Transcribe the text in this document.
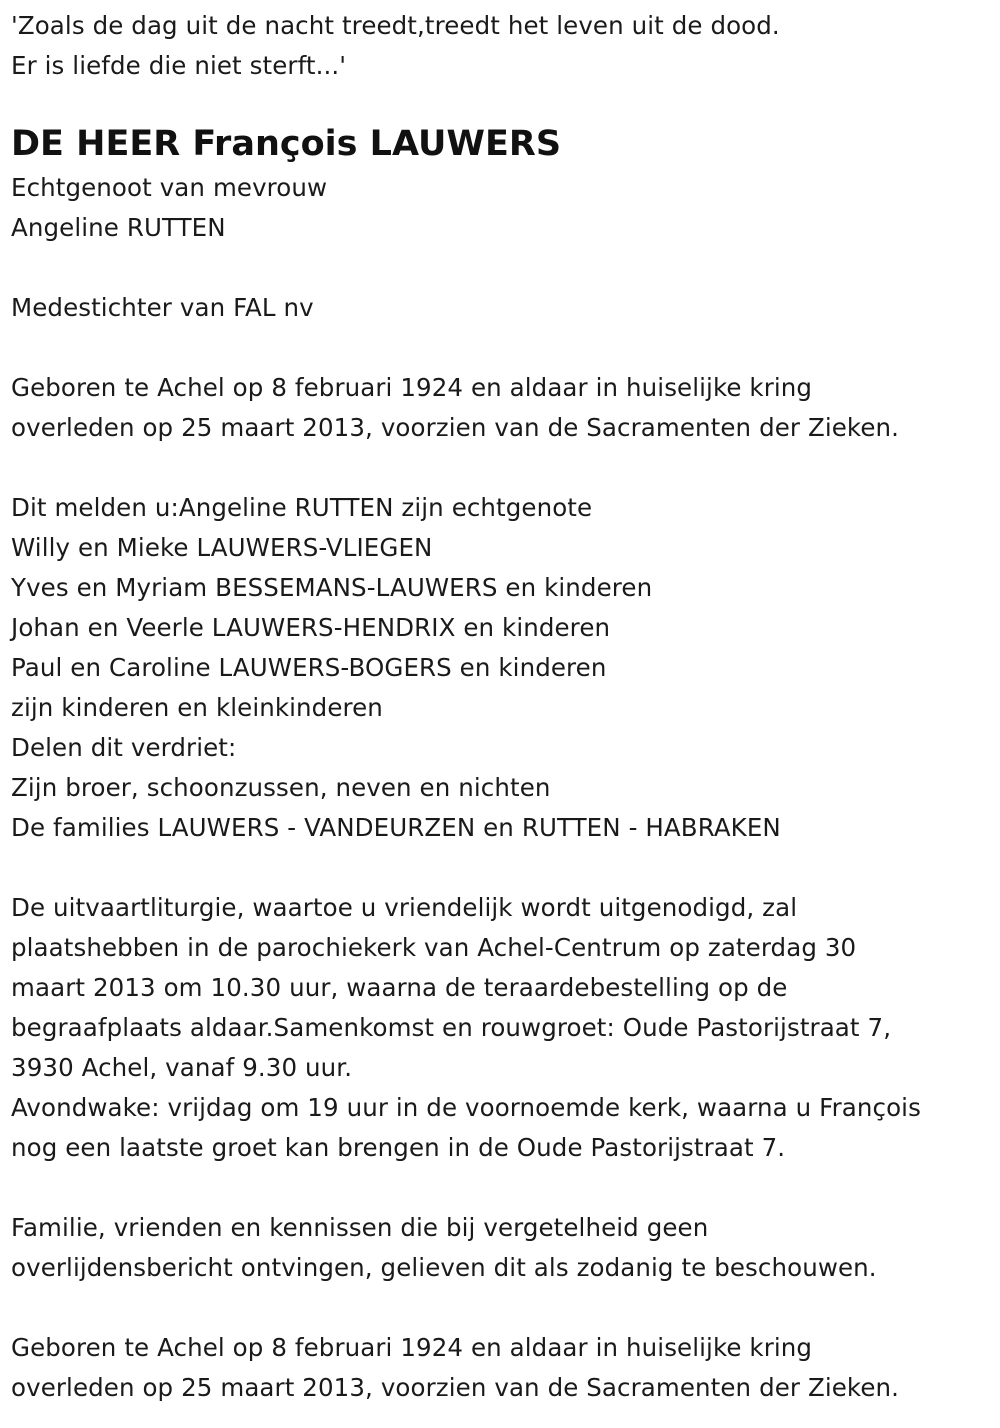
'Zoals de dag uit de nacht treedt,treedt het leven uit de dood.
Er is liefde die niet sterft...'
DE HEER François LAUWERS
Echtgenoot van mevrouw
Angeline RUTTEN
Medestichter van FAL nv
Geboren te Achel op 8 februari 1924 en aldaar in huiselijke kring
overleden op 25 maart 2013, voorzien van de Sacramenten der Zieken.
Dit melden u:Angeline RUTTEN zijn echtgenote
Willy en Mieke LAUWERS-VLIEGEN
Yves en Myriam BESSEMANS-LAUWERS en kinderen
Johan en Veerle LAUWERS-HENDRIX en kinderen
Paul en Caroline LAUWERS-BOGERS en kinderen
zijn kinderen en kleinkinderen
Delen dit verdriet:
Zijn broer, schoonzussen, neven en nichten
De families LAUWERS - VANDEURZEN en RUTTEN - HABRAKEN
De uitvaartliturgie, waartoe u vriendelijk wordt uitgenodigd, zal
plaatshebben in de parochiekerk van Achel-Centrum op zaterdag 30
maart 2013 om 10.30 uur, waarna de teraardebestelling op de
begraafplaats aldaar.Samenkomst en rouwgroet: Oude Pastorijstraat 7,
3930 Achel, vanaf 9.30 uur.
Avondwake: vrijdag om 19 uur in de voornoemde kerk, waarna u François
nog een laatste groet kan brengen in de Oude Pastorijstraat 7.
Familie, vrienden en kennissen die bij vergetelheid geen
overlijdensbericht ontvingen, gelieven dit als zodanig te beschouwen.
Geboren te Achel op 8 februari 1924 en aldaar in huiselijke kring
overleden op 25 maart 2013, voorzien van de Sacramenten der Zieken.
